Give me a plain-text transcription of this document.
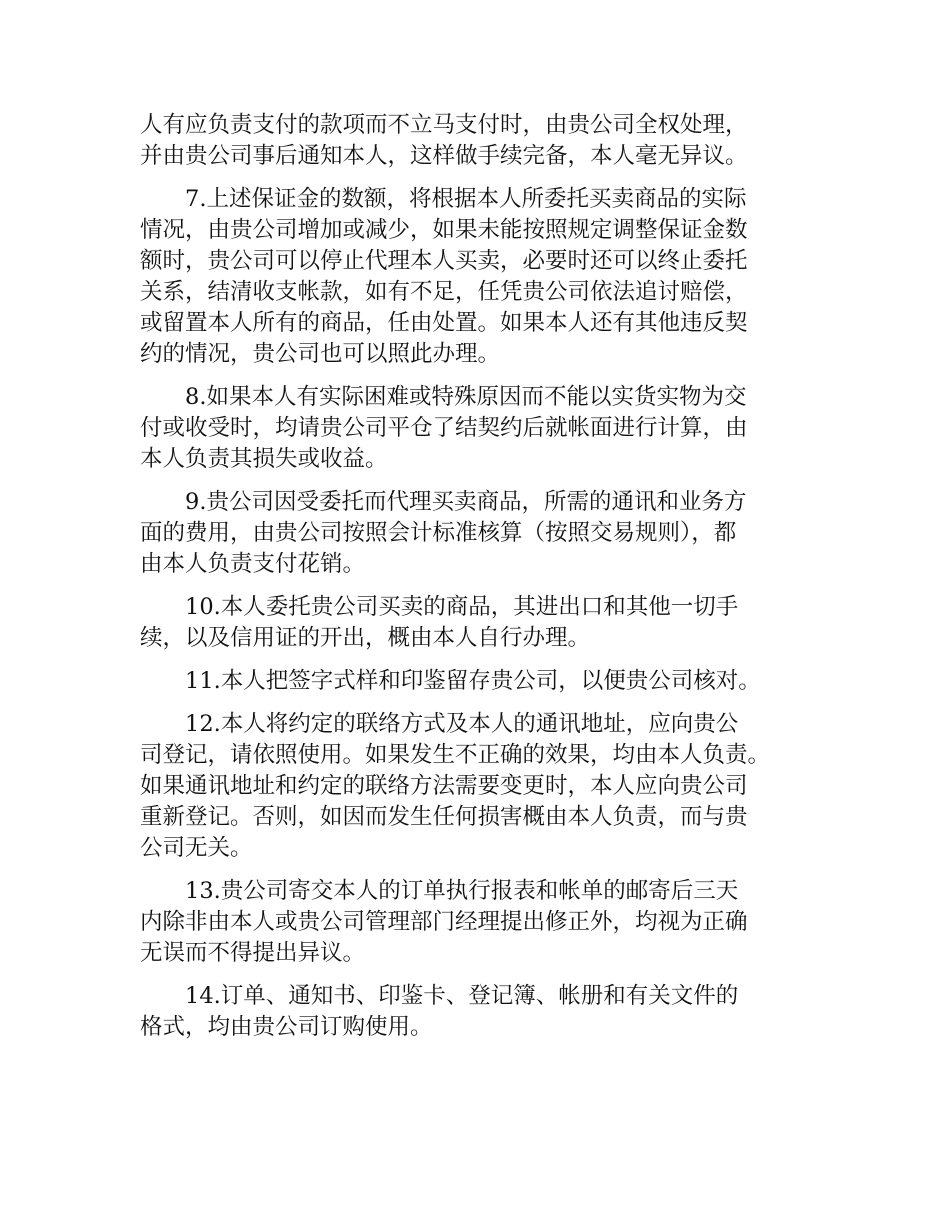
人有应负责支付的款项而不立马支付时，由贵公司全权处理，
并由贵公司事后通知本人，这样做手续完备，本人毫无异议。
7.上述保证金的数额，将根据本人所委托买卖商品的实际
情况，由贵公司增加或减少，如果未能按照规定调整保证金数
额时，贵公司可以停止代理本人买卖，必要时还可以终止委托
关系，结清收支帐款，如有不足，任凭贵公司依法追讨赔偿，
或留置本人所有的商品，任由处置。如果本人还有其他违反契
约的情况，贵公司也可以照此办理。
8.如果本人有实际困难或特殊原因而不能以实货实物为交
付或收受时，均请贵公司平仓了结契约后就帐面进行计算，由
本人负责其损失或收益。
9.贵公司因受委托而代理买卖商品，所需的通讯和业务方
面的费用，由贵公司按照会计标准核算（按照交易规则），都
由本人负责支付花销。
10.本人委托贵公司买卖的商品，其进出口和其他一切手
续，以及信用证的开出，概由本人自行办理。
11.本人把签字式样和印鉴留存贵公司，以便贵公司核对。
12.本人将约定的联络方式及本人的通讯地址，应向贵公
司登记，请依照使用。如果发生不正确的效果，均由本人负责。
如果通讯地址和约定的联络方法需要变更时，本人应向贵公司
重新登记。否则，如因而发生任何损害概由本人负责，而与贵
公司无关。
13.贵公司寄交本人的订单执行报表和帐单的邮寄后三天
内除非由本人或贵公司管理部门经理提出修正外，均视为正确
无误而不得提出异议。
14.订单、通知书、印鉴卡、登记簿、帐册和有关文件的
格式，均由贵公司订购使用。
